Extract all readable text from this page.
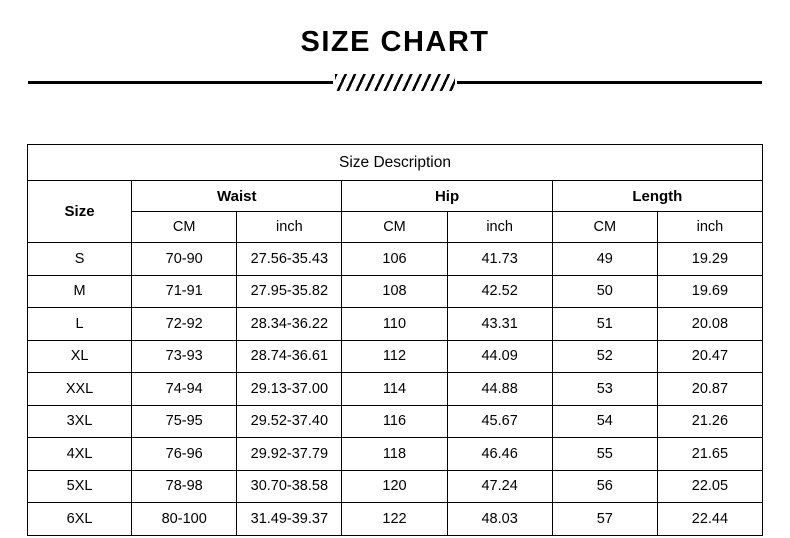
SIZE CHART
Size Description						
Size	Waist		Hip		Length	
	CM	inch	CM	inch	CM	inch
S	70-90	27.56-35.43	106	41.73	49	19.29
M	71-91	27.95-35.82	108	42.52	50	19.69
L	72-92	28.34-36.22	110	43.31	51	20.08
XL	73-93	28.74-36.61	112	44.09	52	20.47
XXL	74-94	29.13-37.00	114	44.88	53	20.87
3XL	75-95	29.52-37.40	116	45.67	54	21.26
4XL	76-96	29.92-37.79	118	46.46	55	21.65
5XL	78-98	30.70-38.58	120	47.24	56	22.05
6XL	80-100	31.49-39.37	122	48.03	57	22.44
